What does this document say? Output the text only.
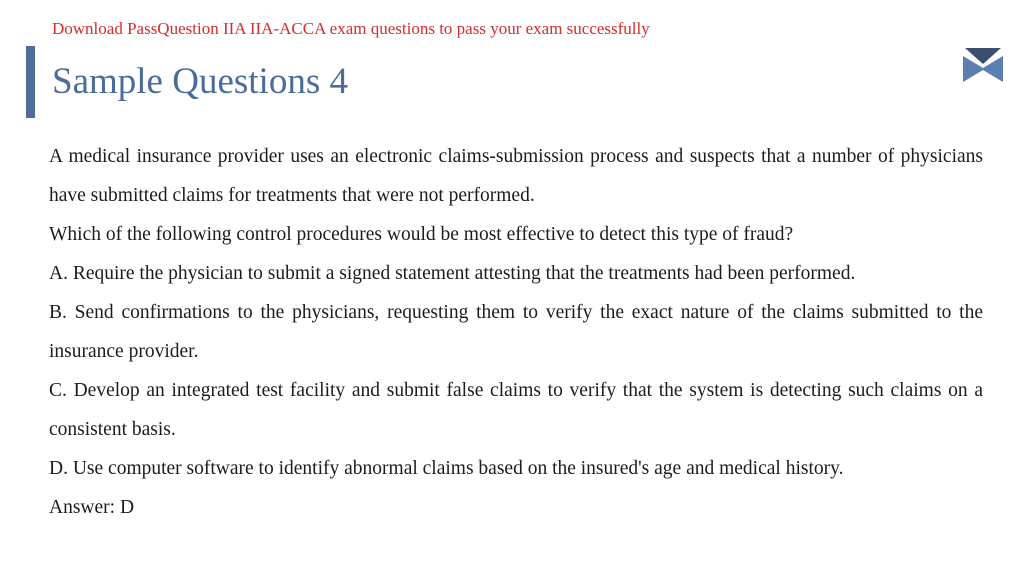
Download PassQuestion IIA IIA-ACCA exam questions to pass your exam successfully
Sample Questions 4

A medical insurance provider uses an electronic claims-submission process and suspects that a number of physicians have submitted claims for treatments that were not performed.

Which of the following control procedures would be most effective to detect this type of fraud?

A. Require the physician to submit a signed statement attesting that the treatments had been performed.

B. Send confirmations to the physicians, requesting them to verify the exact nature of the claims submitted to the insurance provider.

C. Develop an integrated test facility and submit false claims to verify that the system is detecting such claims on a consistent basis.

D. Use computer software to identify abnormal claims based on the insured's age and medical history.

Answer: D
